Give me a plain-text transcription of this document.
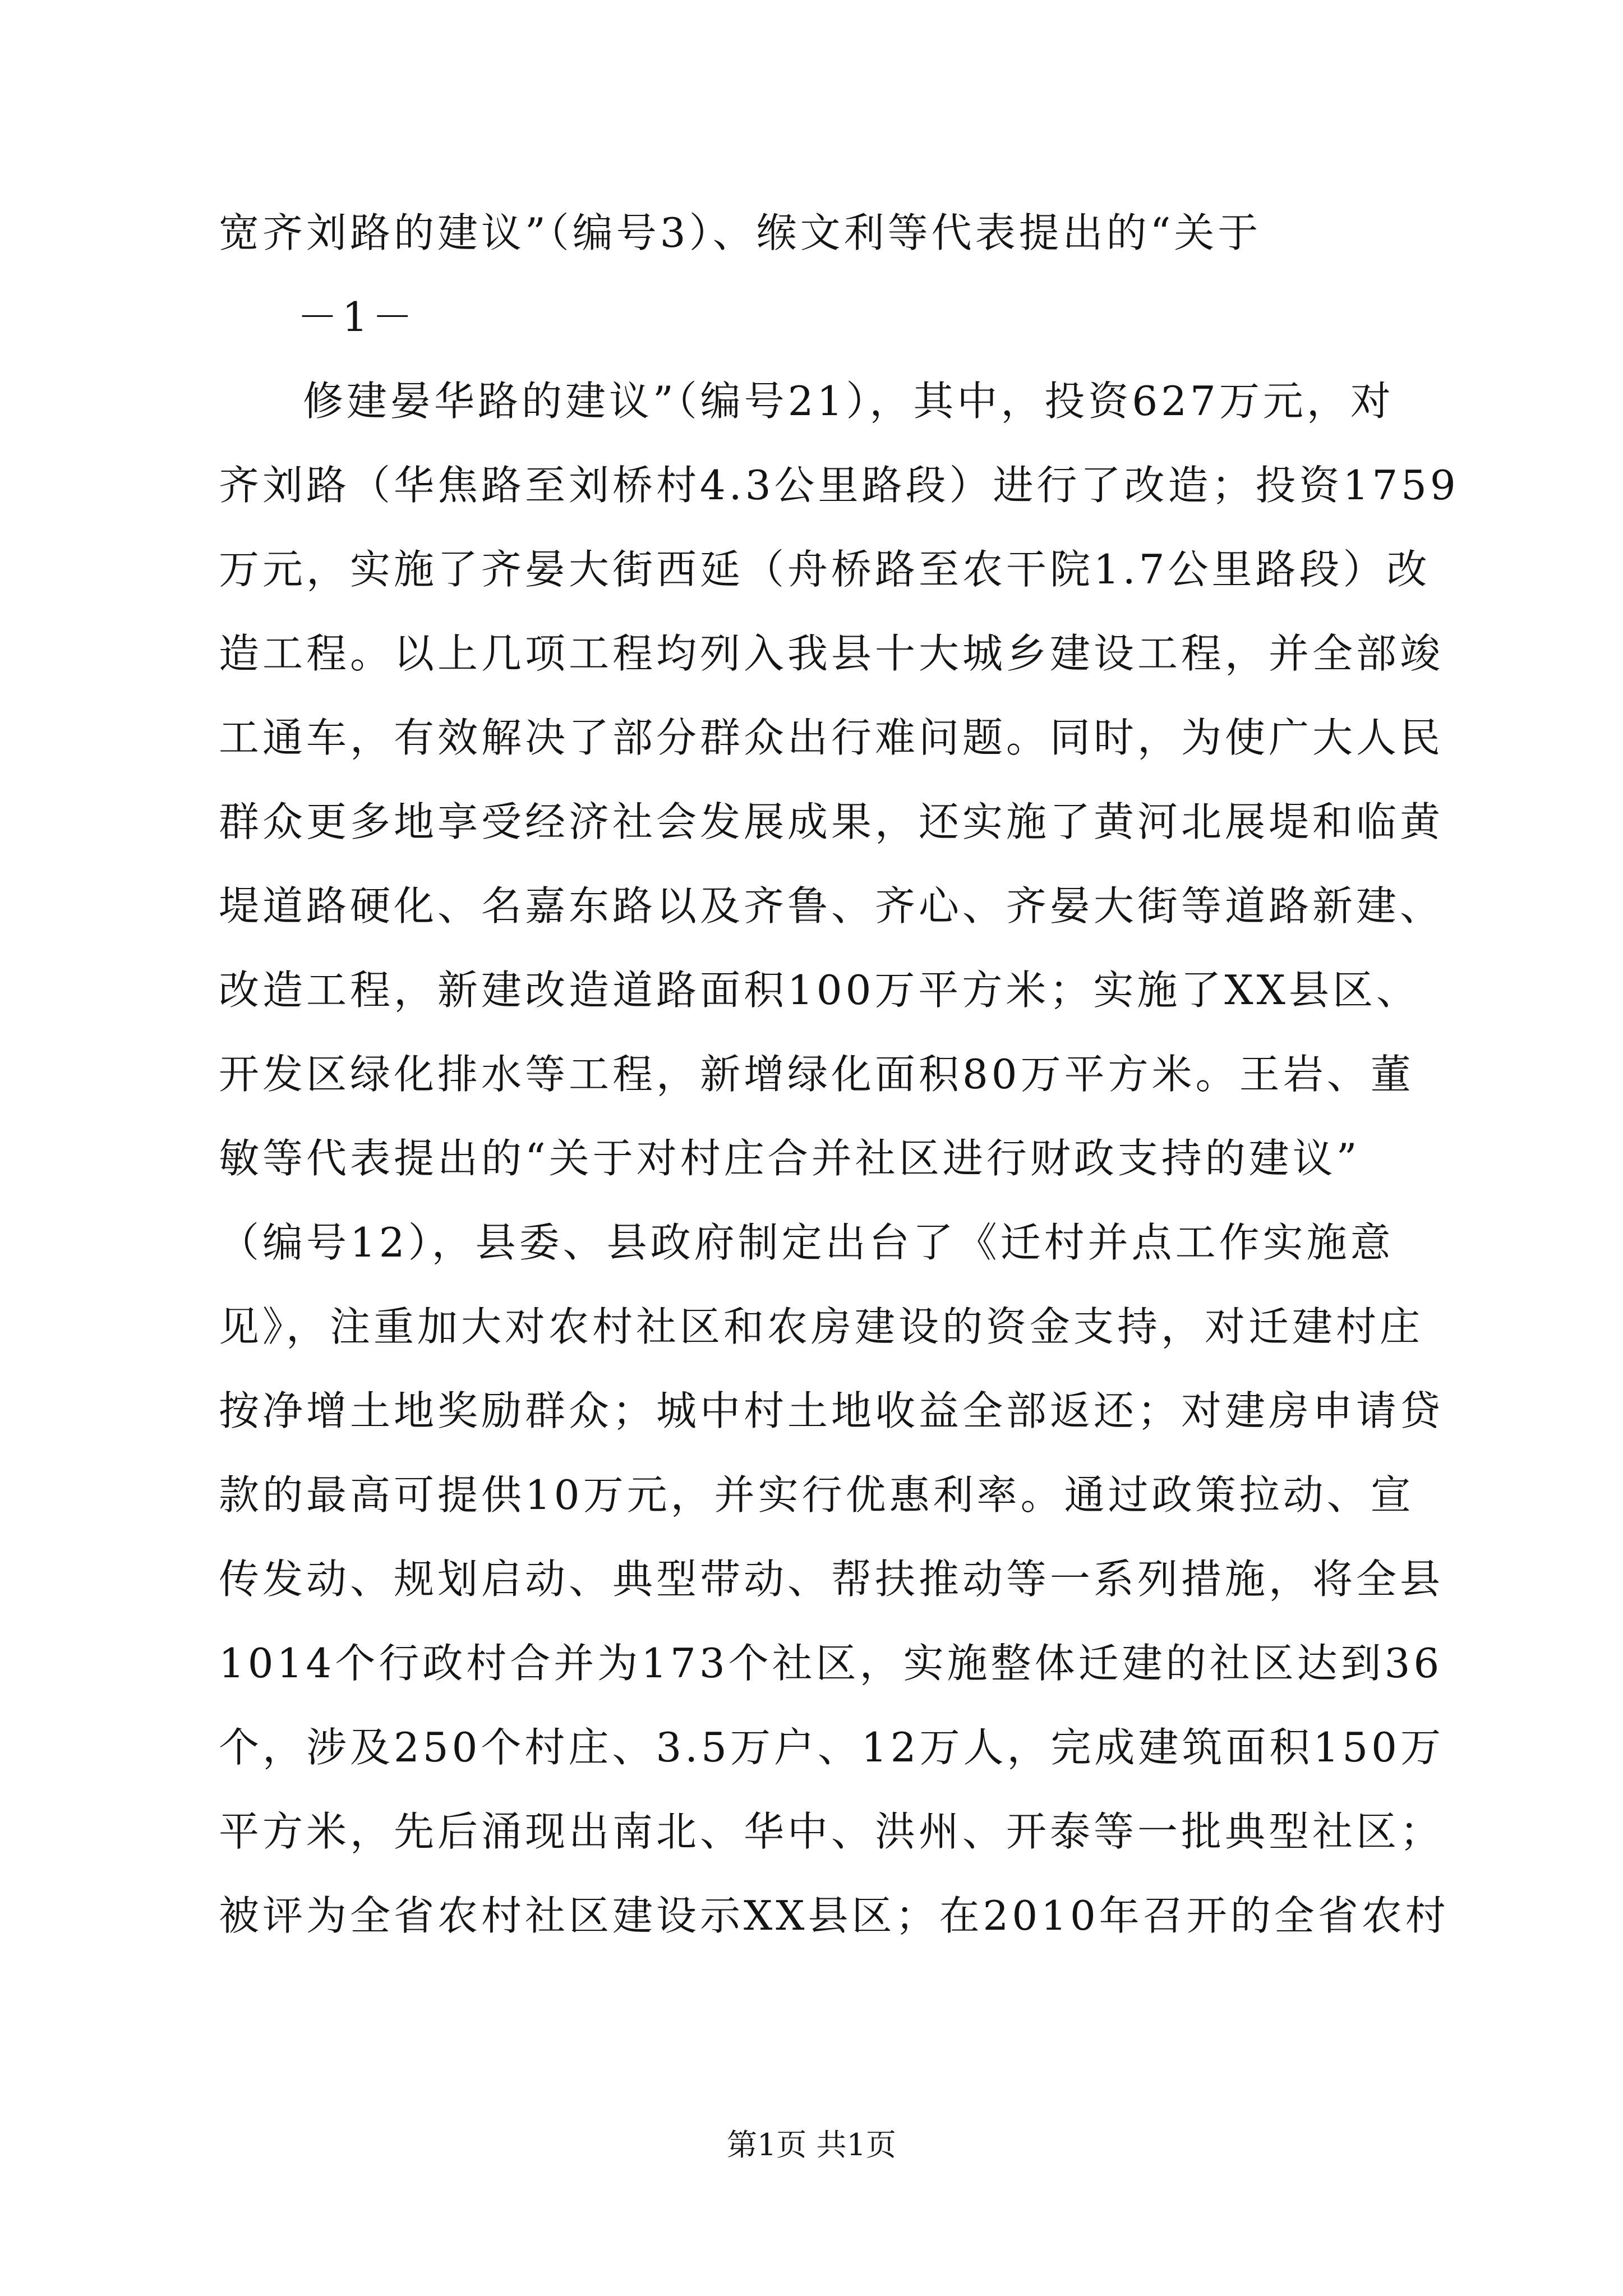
宽齐刘路的建议”（编号3）、缑文利等代表提出的“关于

－1－

修建晏华路的建议”（编号21），其中，投资627万元，对

齐刘路（华焦路至刘桥村4.3公里路段）进行了改造；投资1759

万元，实施了齐晏大街西延（舟桥路至农干院1.7公里路段）改

造工程。以上几项工程均列入我县十大城乡建设工程，并全部竣

工通车，有效解决了部分群众出行难问题。同时，为使广大人民

群众更多地享受经济社会发展成果，还实施了黄河北展堤和临黄

堤道路硬化、名嘉东路以及齐鲁、齐心、齐晏大街等道路新建、

改造工程，新建改造道路面积100万平方米；实施了XX县区、

开发区绿化排水等工程，新增绿化面积80万平方米。王岩、董

敏等代表提出的“关于对村庄合并社区进行财政支持的建议”

（编号12），县委、县政府制定出台了《迁村并点工作实施意

见》，注重加大对农村社区和农房建设的资金支持，对迁建村庄

按净增土地奖励群众；城中村土地收益全部返还；对建房申请贷

款的最高可提供10万元，并实行优惠利率。通过政策拉动、宣

传发动、规划启动、典型带动、帮扶推动等一系列措施，将全县

1014个行政村合并为173个社区，实施整体迁建的社区达到36

个，涉及250个村庄、3.5万户、12万人，完成建筑面积150万

平方米，先后涌现出南北、华中、洪州、开泰等一批典型社区；

被评为全省农村社区建设示XX县区；在2010年召开的全省农村

第1页 共1页
